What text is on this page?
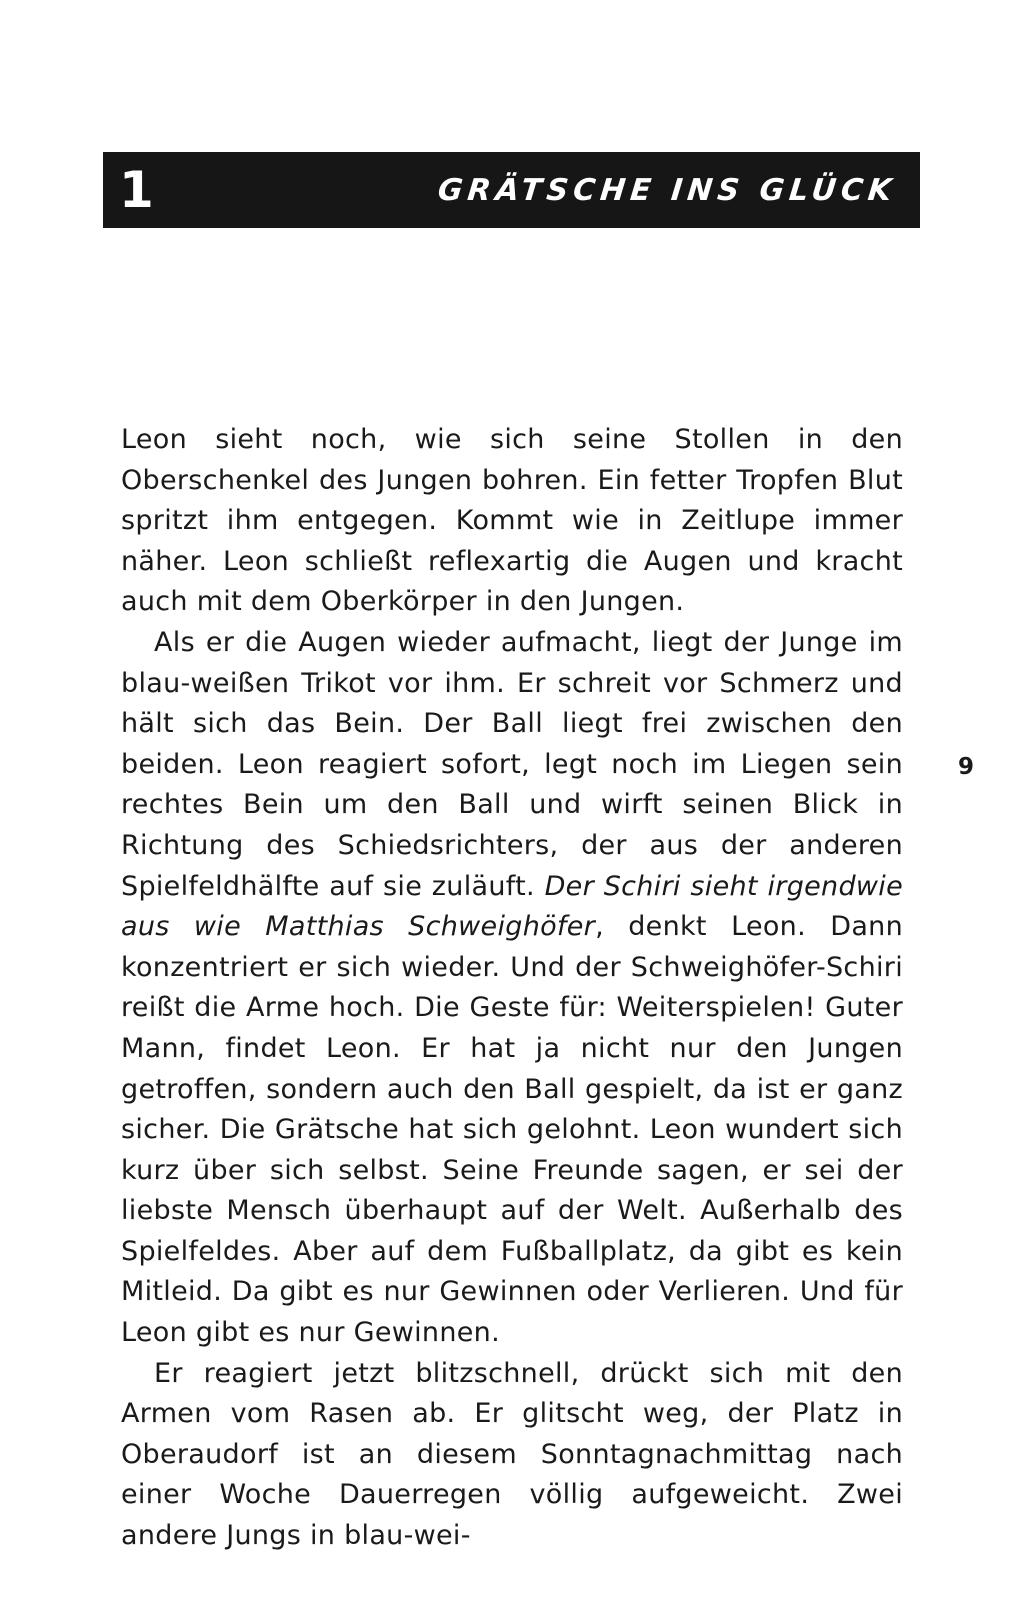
1	GRÄTSCHE INS GLÜCK

Leon sieht noch, wie sich seine Stollen in den Oberschenkel des Jungen bohren. Ein fetter Tropfen Blut spritzt ihm entgegen. Kommt wie in Zeitlupe immer näher. Leon schließt reflexartig die Augen und kracht auch mit dem Oberkörper in den Jungen.

Als er die Augen wieder aufmacht, liegt der Junge im blau-weißen Trikot vor ihm. Er schreit vor Schmerz und hält sich das Bein. Der Ball liegt frei zwischen den beiden. Leon reagiert sofort, legt noch im Liegen sein rechtes Bein um den Ball und wirft seinen Blick in Richtung des Schiedsrichters, der aus der anderen Spielfeldhälfte auf sie zuläuft. Der Schiri sieht irgendwie aus wie Matthias Schweighöfer, denkt Leon. Dann konzentriert er sich wieder. Und der Schweighöfer-Schiri reißt die Arme hoch. Die Geste für: Weiterspielen! Guter Mann, findet Leon. Er hat ja nicht nur den Jungen getroffen, sondern auch den Ball gespielt, da ist er ganz sicher. Die Grätsche hat sich gelohnt. Leon wundert sich kurz über sich selbst. Seine Freunde sagen, er sei der liebste Mensch überhaupt auf der Welt. Außerhalb des Spielfeldes. Aber auf dem Fußballplatz, da gibt es kein Mitleid. Da gibt es nur Gewinnen oder Verlieren. Und für Leon gibt es nur Gewinnen.

Er reagiert jetzt blitzschnell, drückt sich mit den Armen vom Rasen ab. Er glitscht weg, der Platz in Oberaudorf ist an diesem Sonntagnachmittag nach einer Woche Dauerregen völlig aufgeweicht. Zwei andere Jungs in blau-wei-

9
